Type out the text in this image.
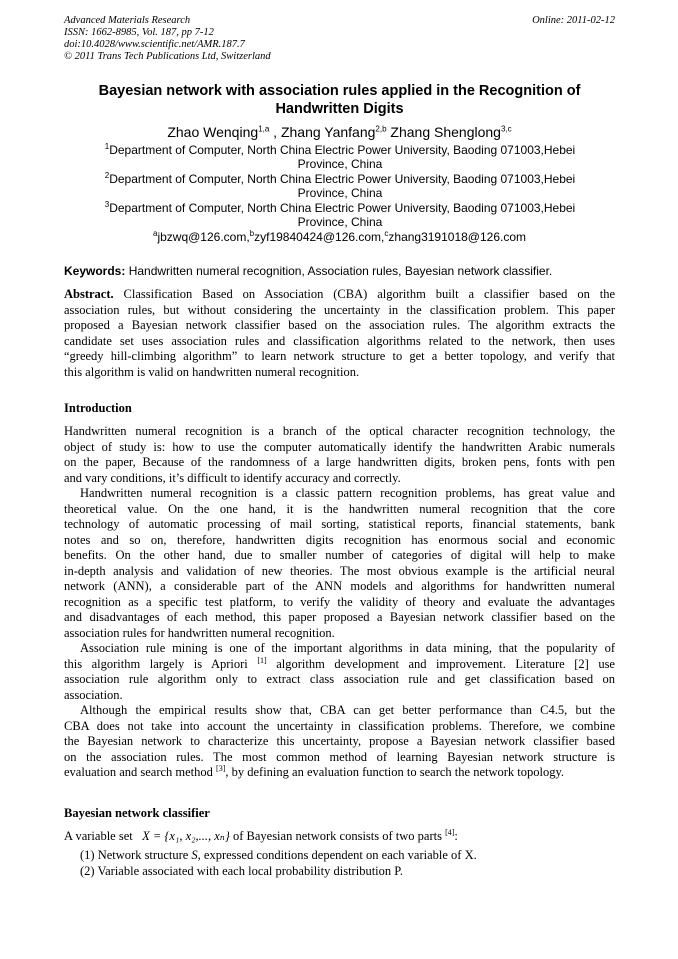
Advanced Materials Research
ISSN: 1662-8985, Vol. 187, pp 7-12
doi:10.4028/www.scientific.net/AMR.187.7
© 2011 Trans Tech Publications Ltd, Switzerland
Online: 2011-02-12
Bayesian network with association rules applied in the Recognition of
Handwritten Digits
Zhao Wenqing$^{1,a}$ , Zhang Yanfang$^{2,b}$ Zhang Shenglong$^{3,c}$
$^1$Department of Computer, North China Electric Power University, Baoding 071003,Hebei
Province, China
$^2$Department of Computer, North China Electric Power University, Baoding 071003,Hebei
Province, China
$^3$Department of Computer, North China Electric Power University, Baoding 071003,Hebei
Province, China
$^a$jbzwq@126.com,$^b$zyf19840424@126.com,$^c$zhang3191018@126.com
Keywords: Handwritten numeral recognition, Association rules, Bayesian network classifier.
Abstract. Classification Based on Association (CBA) algorithm built a classifier based on the
association rules, but without considering the uncertainty in the classification problem. This paper
proposed a Bayesian network classifier based on the association rules. The algorithm extracts the
candidate set uses association rules and classification algorithms related to the network, then uses
“greedy hill-climbing algorithm” to learn network structure to get a better topology, and verify that
this algorithm is valid on handwritten numeral recognition.
Introduction
Handwritten numeral recognition is a branch of the optical character recognition technology, the
object of study is: how to use the computer automatically identify the handwritten Arabic numerals
on the paper, Because of the randomness of a large handwritten digits, broken pens, fonts with pen
and vary conditions, it’s difficult to identify accuracy and correctly.
Handwritten numeral recognition is a classic pattern recognition problems, has great value and
theoretical value. On the one hand, it is the handwritten numeral recognition that the core
technology of automatic processing of mail sorting, statistical reports, financial statements, bank
notes and so on, therefore, handwritten digits recognition has enormous social and economic
benefits. On the other hand, due to smaller number of categories of digital will help to make
in-depth analysis and validation of new theories. The most obvious example is the artificial neural
network (ANN), a considerable part of the ANN models and algorithms for handwritten numeral
recognition as a specific test platform, to verify the validity of theory and evaluate the advantages
and disadvantages of each method, this paper proposed a Bayesian network classifier based on the
association rules for handwritten numeral recognition.
Association rule mining is one of the important algorithms in data mining, that the popularity of
this algorithm largely is Apriori [1] algorithm development and improvement. Literature [2] use
association rule algorithm only to extract class association rule and get classification based on
association.
Although the empirical results show that, CBA can get better performance than C4.5, but the
CBA does not take into account the uncertainty in classification problems. Therefore, we combine
the Bayesian network to characterize this uncertainty, propose a Bayesian network classifier based
on the association rules. The most common method of learning Bayesian network structure is
evaluation and search method [3], by defining an evaluation function to search the network topology.
Bayesian network classifier
A variable set X = {x₁, x₂,..., xₙ} of Bayesian network consists of two parts [4]:
(1) Network structure S, expressed conditions dependent on each variable of X.
(2) Variable associated with each local probability distribution P.
